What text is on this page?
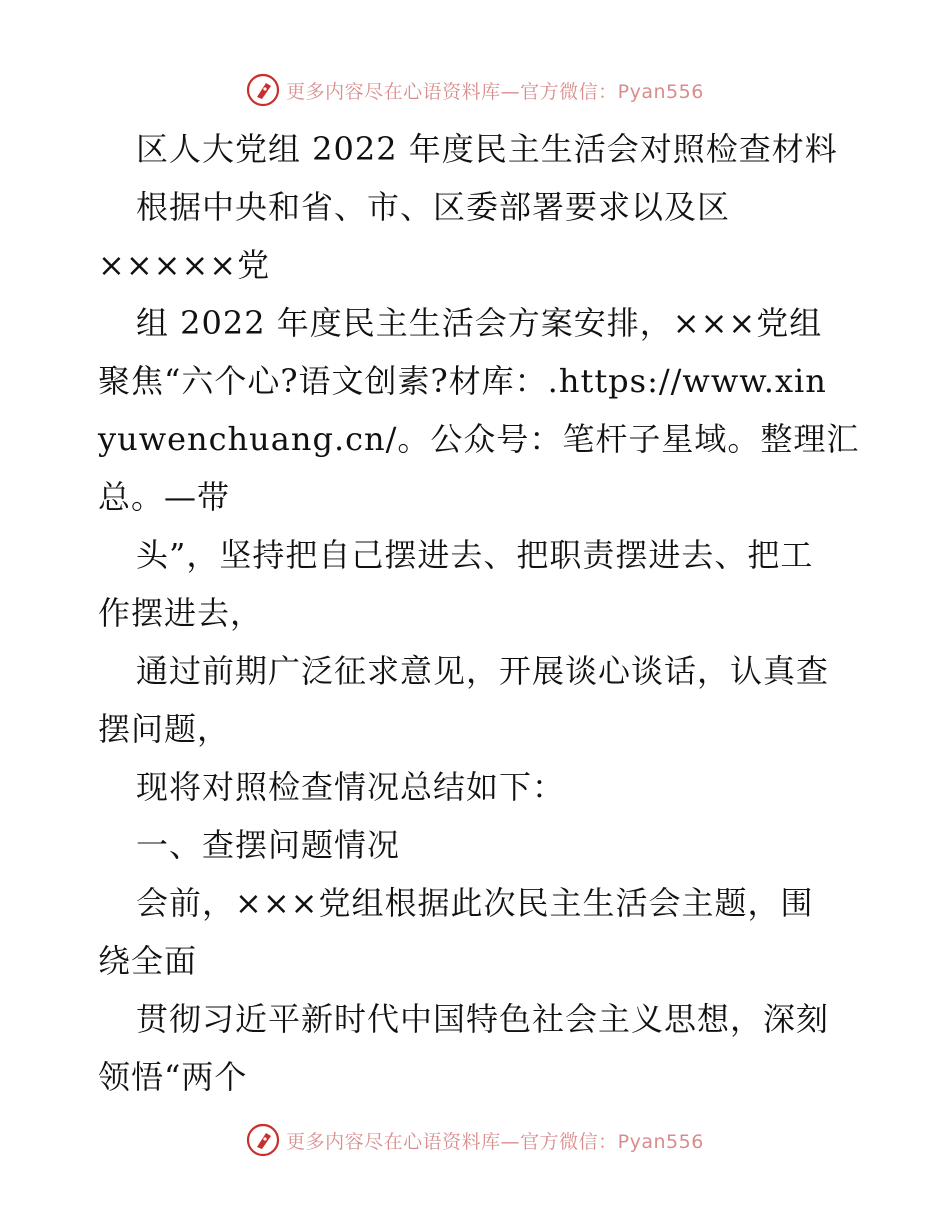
更多内容尽在心语资料库—官方微信：Pyan556
区人大党组 2022 年度民主生活会对照检查材料
根据中央和省、市、区委部署要求以及区
×××××党
组 2022 年度民主生活会方案安排，×××党组
聚焦“六个心?语文创素?材库：.https://www.xin
yuwenchuang.cn/。公众号：笔杆子星域。整理汇
总。—带
头”，坚持把自己摆进去、把职责摆进去、把工
作摆进去，
通过前期广泛征求意见，开展谈心谈话，认真查
摆问题，
现将对照检查情况总结如下：
一、查摆问题情况
会前，×××党组根据此次民主生活会主题，围
绕全面
贯彻习近平新时代中国特色社会主义思想，深刻
领悟“两个
更多内容尽在心语资料库—官方微信：Pyan556
